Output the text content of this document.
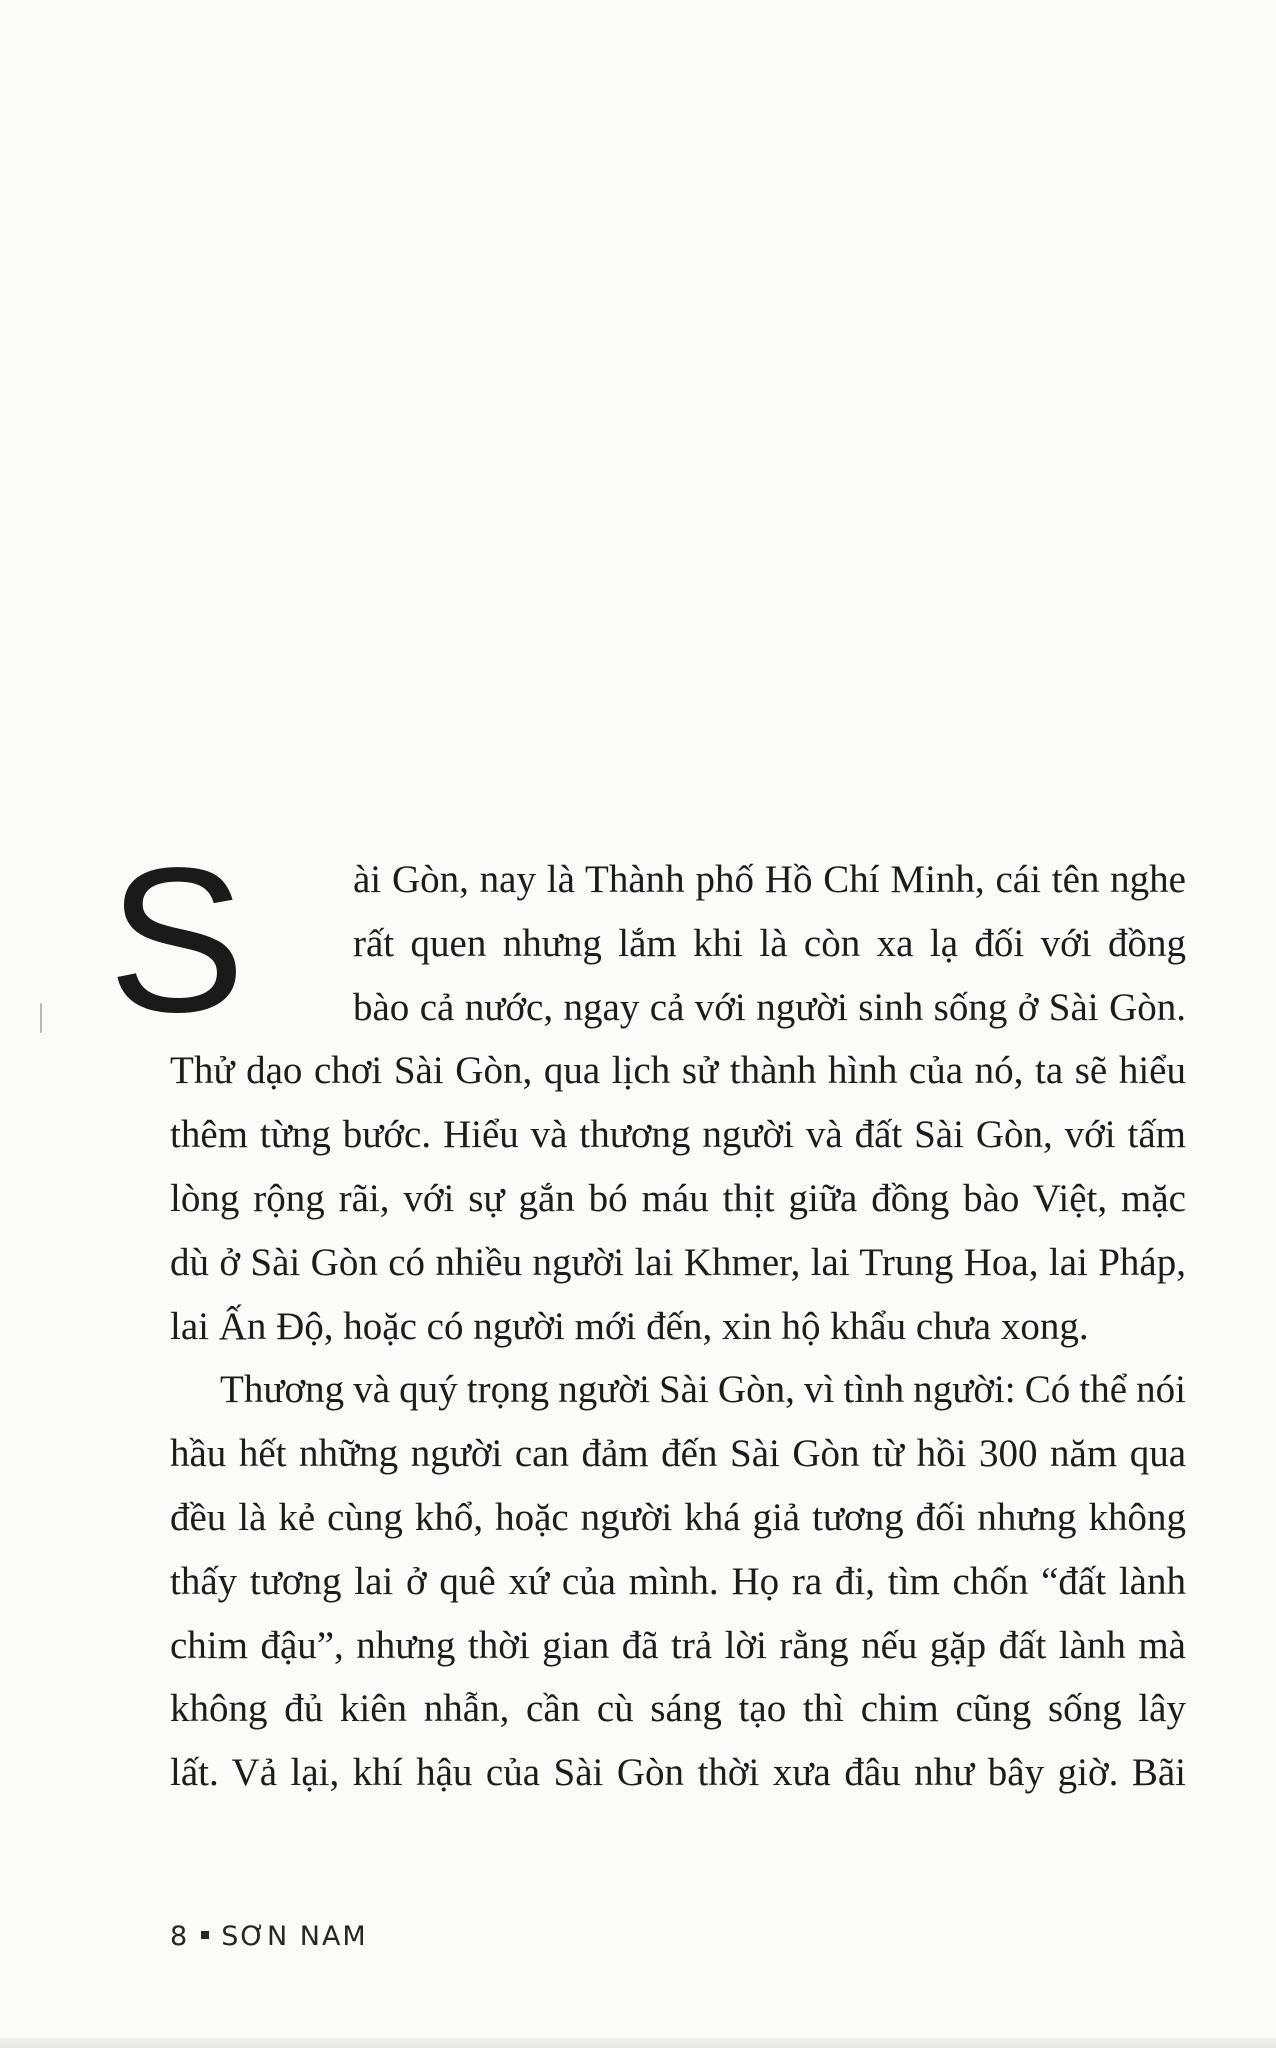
S	ài Gòn, nay là Thành phố Hồ Chí Minh, cái tên nghe
rất quen nhưng lắm khi là còn xa lạ đối với đồng
bào cả nước, ngay cả với người sinh sống ở Sài Gòn.
Thử dạo chơi Sài Gòn, qua lịch sử thành hình của nó, ta sẽ hiểu
thêm từng bước. Hiểu và thương người và đất Sài Gòn, với tấm
lòng rộng rãi, với sự gắn bó máu thịt giữa đồng bào Việt, mặc
dù ở Sài Gòn có nhiều người lai Khmer, lai Trung Hoa, lai Pháp,
lai Ấn Độ, hoặc có người mới đến, xin hộ khẩu chưa xong.

Thương và quý trọng người Sài Gòn, vì tình người: Có thể nói
hầu hết những người can đảm đến Sài Gòn từ hồi 300 năm qua
đều là kẻ cùng khổ, hoặc người khá giả tương đối nhưng không
thấy tương lai ở quê xứ của mình. Họ ra đi, tìm chốn “đất lành
chim đậu”, nhưng thời gian đã trả lời rằng nếu gặp đất lành mà
không đủ kiên nhẫn, cần cù sáng tạo thì chim cũng sống lây
lất. Vả lại, khí hậu của Sài Gòn thời xưa đâu như bây giờ. Bãi

8 SƠN NAM
